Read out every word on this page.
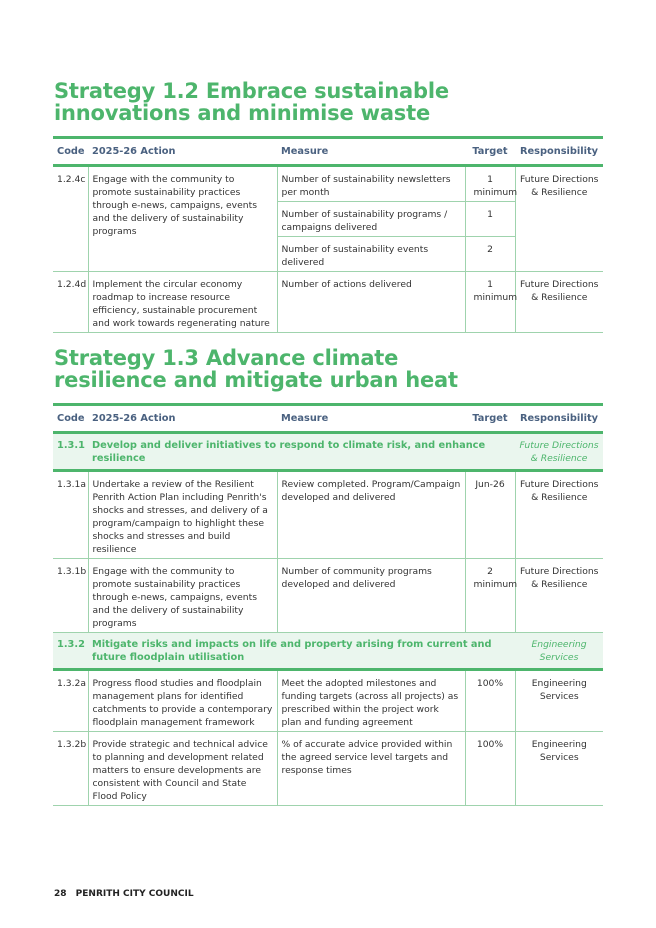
Strategy 1.2 Embrace sustainable
innovations and minimise waste
Code	2025-26 Action	Measure	Target	Responsibility
1.2.4c	Engage with the community to promote sustainability practices through e-news, campaigns, events and the delivery of sustainability programs	Number of sustainability newsletters per month	1 minimum	Future Directions & Resilience
		Number of sustainability programs / campaigns delivered	1	
		Number of sustainability events delivered	2	
1.2.4d	Implement the circular economy roadmap to increase resource efficiency, sustainable procurement and work towards regenerating nature	Number of actions delivered	1 minimum	Future Directions & Resilience
Strategy 1.3 Advance climate
resilience and mitigate urban heat
Code	2025-26 Action	Measure	Target	Responsibility
1.3.1	Develop and deliver initiatives to respond to climate risk, and enhance resilience			Future Directions & Resilience
1.3.1a	Undertake a review of the Resilient Penrith Action Plan including Penrith's shocks and stresses, and delivery of a program/campaign to highlight these shocks and stresses and build resilience	Review completed. Program/Campaign developed and delivered	Jun-26	Future Directions & Resilience
1.3.1b	Engage with the community to promote sustainability practices through e-news, campaigns, events and the delivery of sustainability programs	Number of community programs developed and delivered	2 minimum	Future Directions & Resilience
1.3.2	Mitigate risks and impacts on life and property arising from current and future floodplain utilisation			Engineering Services
1.3.2a	Progress flood studies and floodplain management plans for identified catchments to provide a contemporary floodplain management framework	Meet the adopted milestones and funding targets (across all projects) as prescribed within the project work plan and funding agreement	100%	Engineering Services
1.3.2b	Provide strategic and technical advice to planning and development related matters to ensure developments are consistent with Council and State Flood Policy	% of accurate advice provided within the agreed service level targets and response times	100%	Engineering Services
28 PENRITH CITY COUNCIL
